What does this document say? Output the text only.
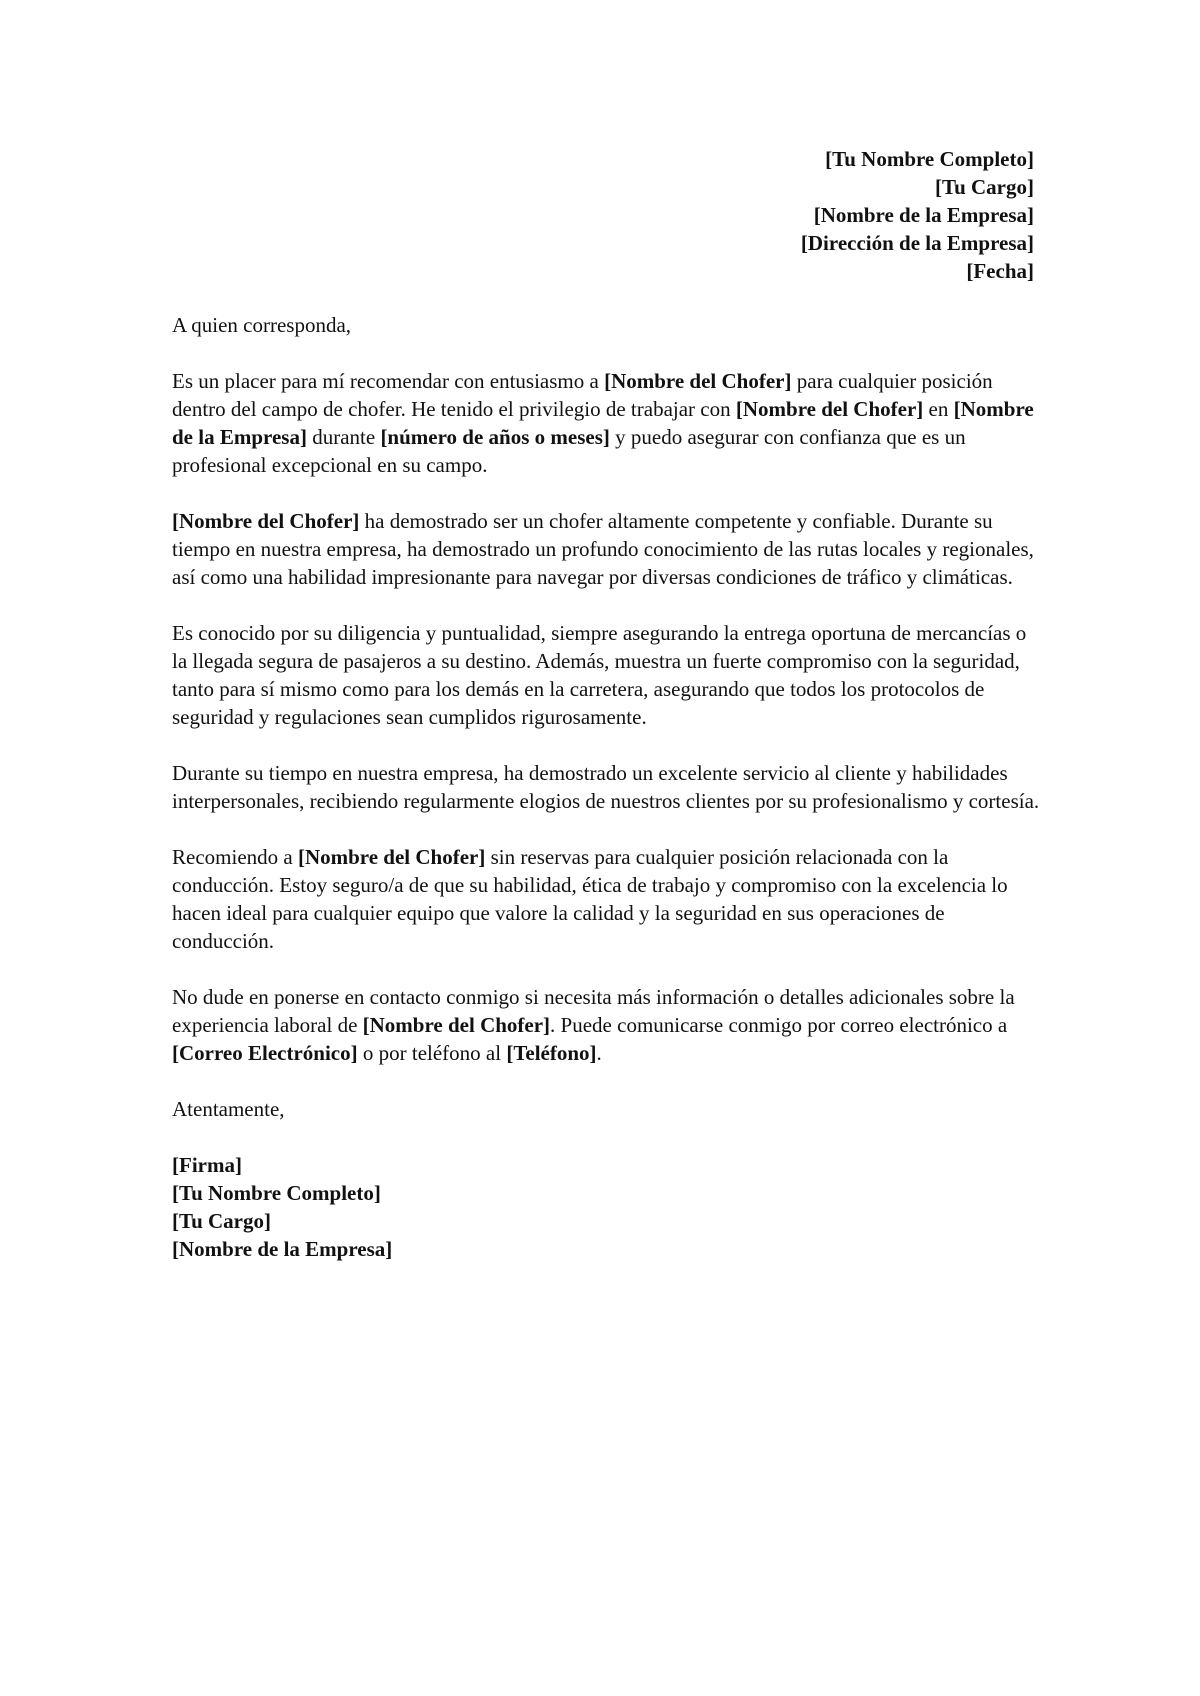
[Tu Nombre Completo]
[Tu Cargo]
[Nombre de la Empresa]
[Dirección de la Empresa]
[Fecha]

A quien corresponda,

Es un placer para mí recomendar con entusiasmo a [Nombre del Chofer] para cualquier posición dentro del campo de chofer. He tenido el privilegio de trabajar con [Nombre del Chofer] en [Nombre de la Empresa] durante [número de años o meses] y puedo asegurar con confianza que es un profesional excepcional en su campo.

[Nombre del Chofer] ha demostrado ser un chofer altamente competente y confiable. Durante su tiempo en nuestra empresa, ha demostrado un profundo conocimiento de las rutas locales y regionales, así como una habilidad impresionante para navegar por diversas condiciones de tráfico y climáticas.

Es conocido por su diligencia y puntualidad, siempre asegurando la entrega oportuna de mercancías o la llegada segura de pasajeros a su destino. Además, muestra un fuerte compromiso con la seguridad, tanto para sí mismo como para los demás en la carretera, asegurando que todos los protocolos de seguridad y regulaciones sean cumplidos rigurosamente.

Durante su tiempo en nuestra empresa, ha demostrado un excelente servicio al cliente y habilidades interpersonales, recibiendo regularmente elogios de nuestros clientes por su profesionalismo y cortesía.

Recomiendo a [Nombre del Chofer] sin reservas para cualquier posición relacionada con la conducción. Estoy seguro/a de que su habilidad, ética de trabajo y compromiso con la excelencia lo hacen ideal para cualquier equipo que valore la calidad y la seguridad en sus operaciones de conducción.

No dude en ponerse en contacto conmigo si necesita más información o detalles adicionales sobre la experiencia laboral de [Nombre del Chofer]. Puede comunicarse conmigo por correo electrónico a [Correo Electrónico] o por teléfono al [Teléfono].

Atentamente,

[Firma]
[Tu Nombre Completo]
[Tu Cargo]
[Nombre de la Empresa]
